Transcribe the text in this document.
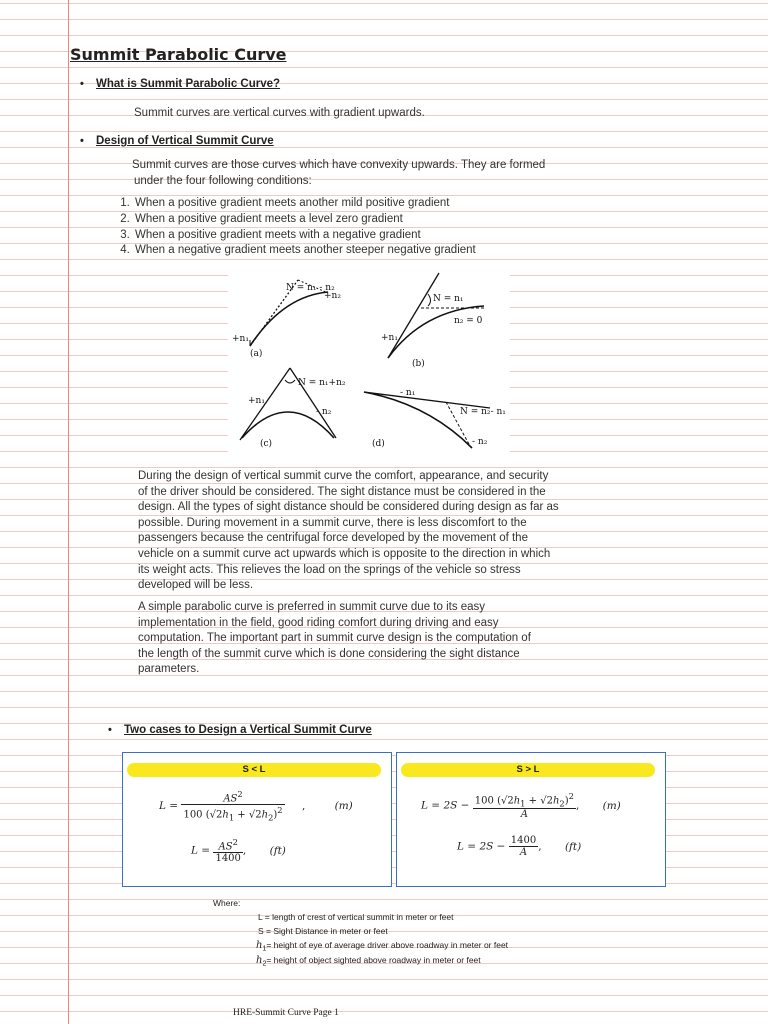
Summit Parabolic Curve
• What is Summit Parabolic Curve?
Summit curves are vertical curves with gradient upwards.
• Design of Vertical Summit Curve
Summit curves are those curves which have convexity upwards. They are formed
under the four following conditions:
1. When a positive gradient meets another mild positive gradient
2. When a positive gradient meets a level zero gradient
3. When a positive gradient meets with a negative gradient
4. When a negative gradient meets another steeper negative gradient
N = n₁ - n₂
+n₂
+n₁
(a)
N = n₁
n₂ = 0
+n₁
(b)
N = n₁+n₂
+n₁
- n₂
(c)
- n₁
N = n₂- n₁
- n₂
(d)
During the design of vertical summit curve the comfort, appearance, and security
of the driver should be considered. The sight distance must be considered in the
design. All the types of sight distance should be considered during design as far as
possible. During movement in a summit curve, there is less discomfort to the
passengers because the centrifugal force developed by the movement of the
vehicle on a summit curve act upwards which is opposite to the direction in which
its weight acts. This relieves the load on the springs of the vehicle so stress
developed will be less.
A simple parabolic curve is preferred in summit curve due to its easy
implementation in the field, good riding comfort during driving and easy
computation. The important part in summit curve design is the computation of
the length of the summit curve which is done considering the sight distance
parameters.
• Two cases to Design a Vertical Summit Curve
S < L
$L = \frac{AS^2}{100 (√2h_1 + √2h_2)^2}$ ,	(m)
$L = \frac{AS^2}{1400}$ , (ft)
S > L
$L = 2S - \frac{100 (√2h_1 + √2h_2)^2}{A}$ , (m)
$L = 2S - \frac{1400}{A}$ , (ft)
Where:
L = length of crest of vertical summit in meter or feet
S = Sight Distance in meter or feet
$h_1=$ height of eye of average driver above roadway in meter or feet
$h_2=$ height of object sighted above roadway in meter or feet
HRE-Summit Curve Page 1
